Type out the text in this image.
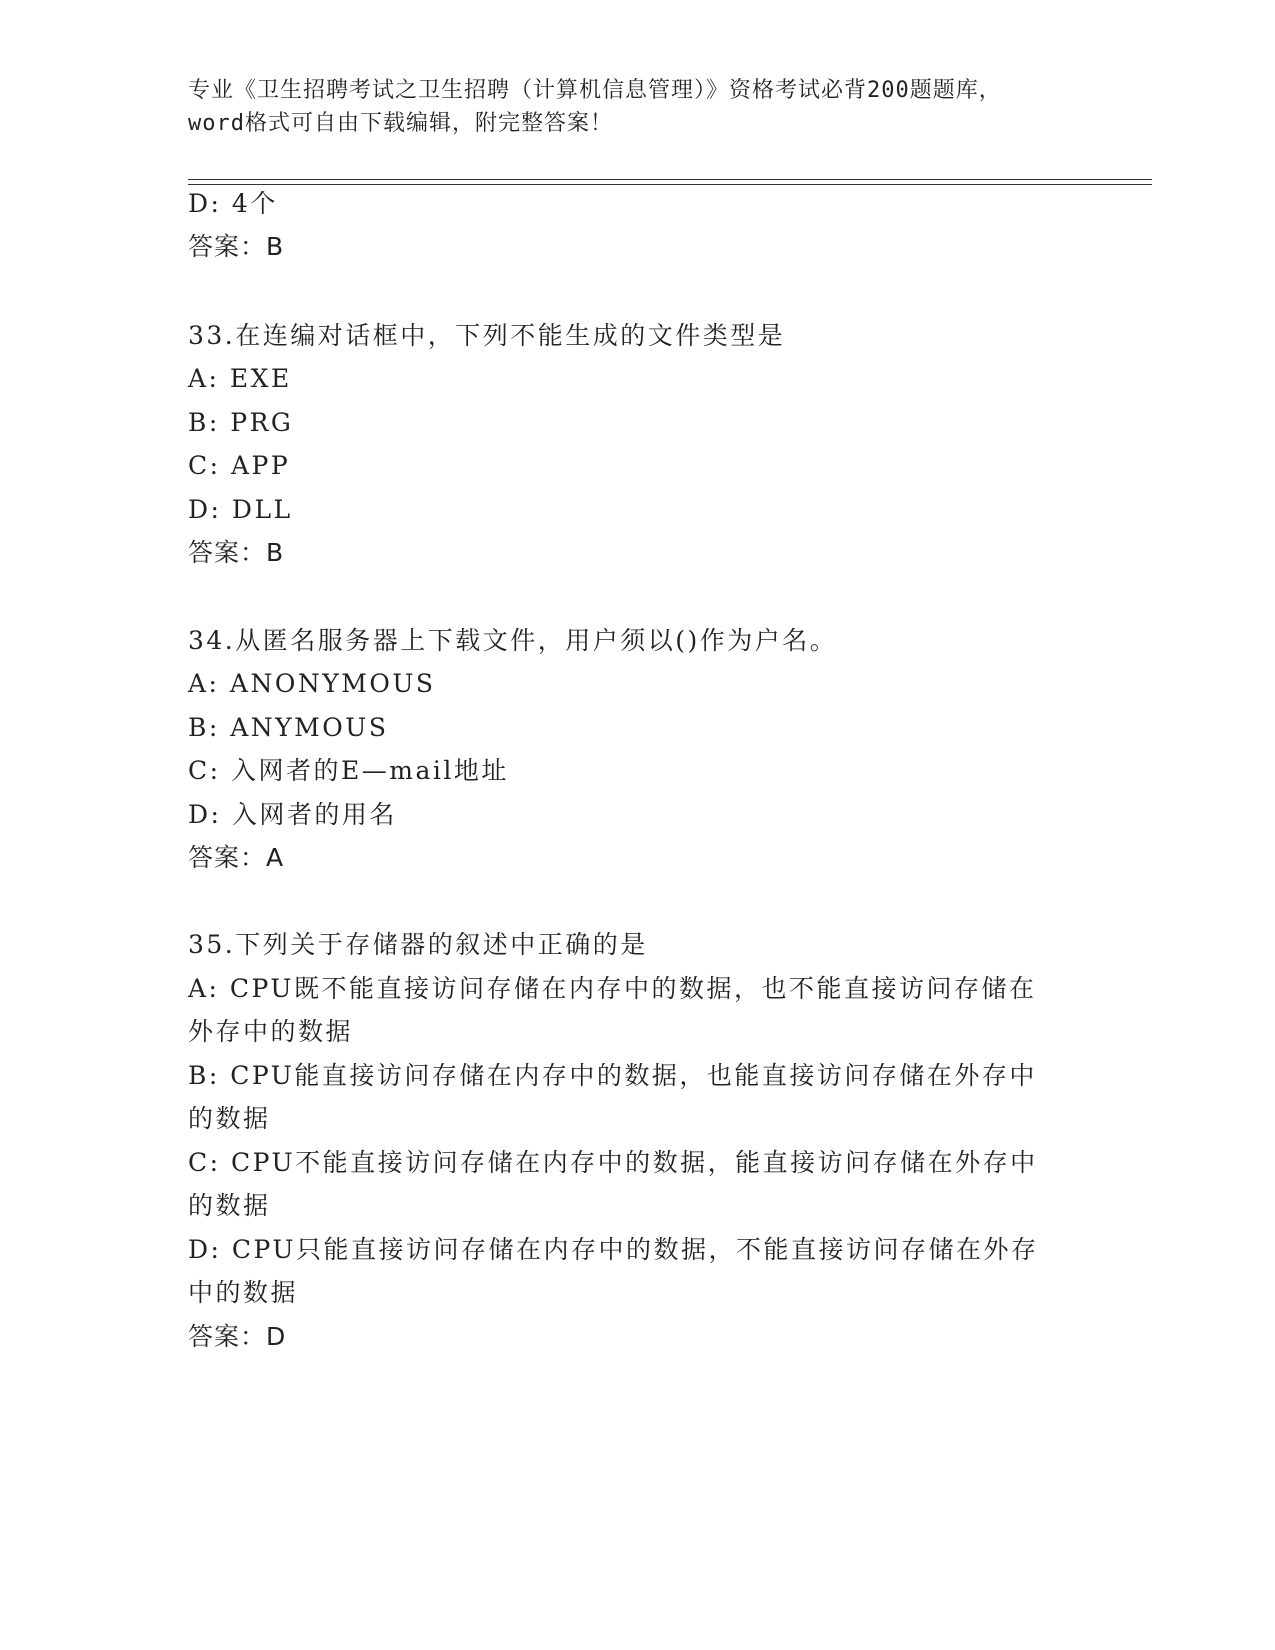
专业《卫生招聘考试之卫生招聘（计算机信息管理）》资格考试必背200题题库，
word格式可自由下载编辑，附完整答案！
D: 4个
答案：B
33.在连编对话框中，下列不能生成的文件类型是
A: EXE
B: PRG
C: APP
D: DLL
答案：B
34.从匿名服务器上下载文件，用户须以()作为户名。
A: ANONYMOUS
B: ANYMOUS
C: 入网者的E—mail地址
D: 入网者的用名
答案：A
35.下列关于存储器的叙述中正确的是
A: CPU既不能直接访问存储在内存中的数据，也不能直接访问存储在
外存中的数据
B: CPU能直接访问存储在内存中的数据，也能直接访问存储在外存中
的数据
C: CPU不能直接访问存储在内存中的数据，能直接访问存储在外存中
的数据
D: CPU只能直接访问存储在内存中的数据，不能直接访问存储在外存
中的数据
答案：D
